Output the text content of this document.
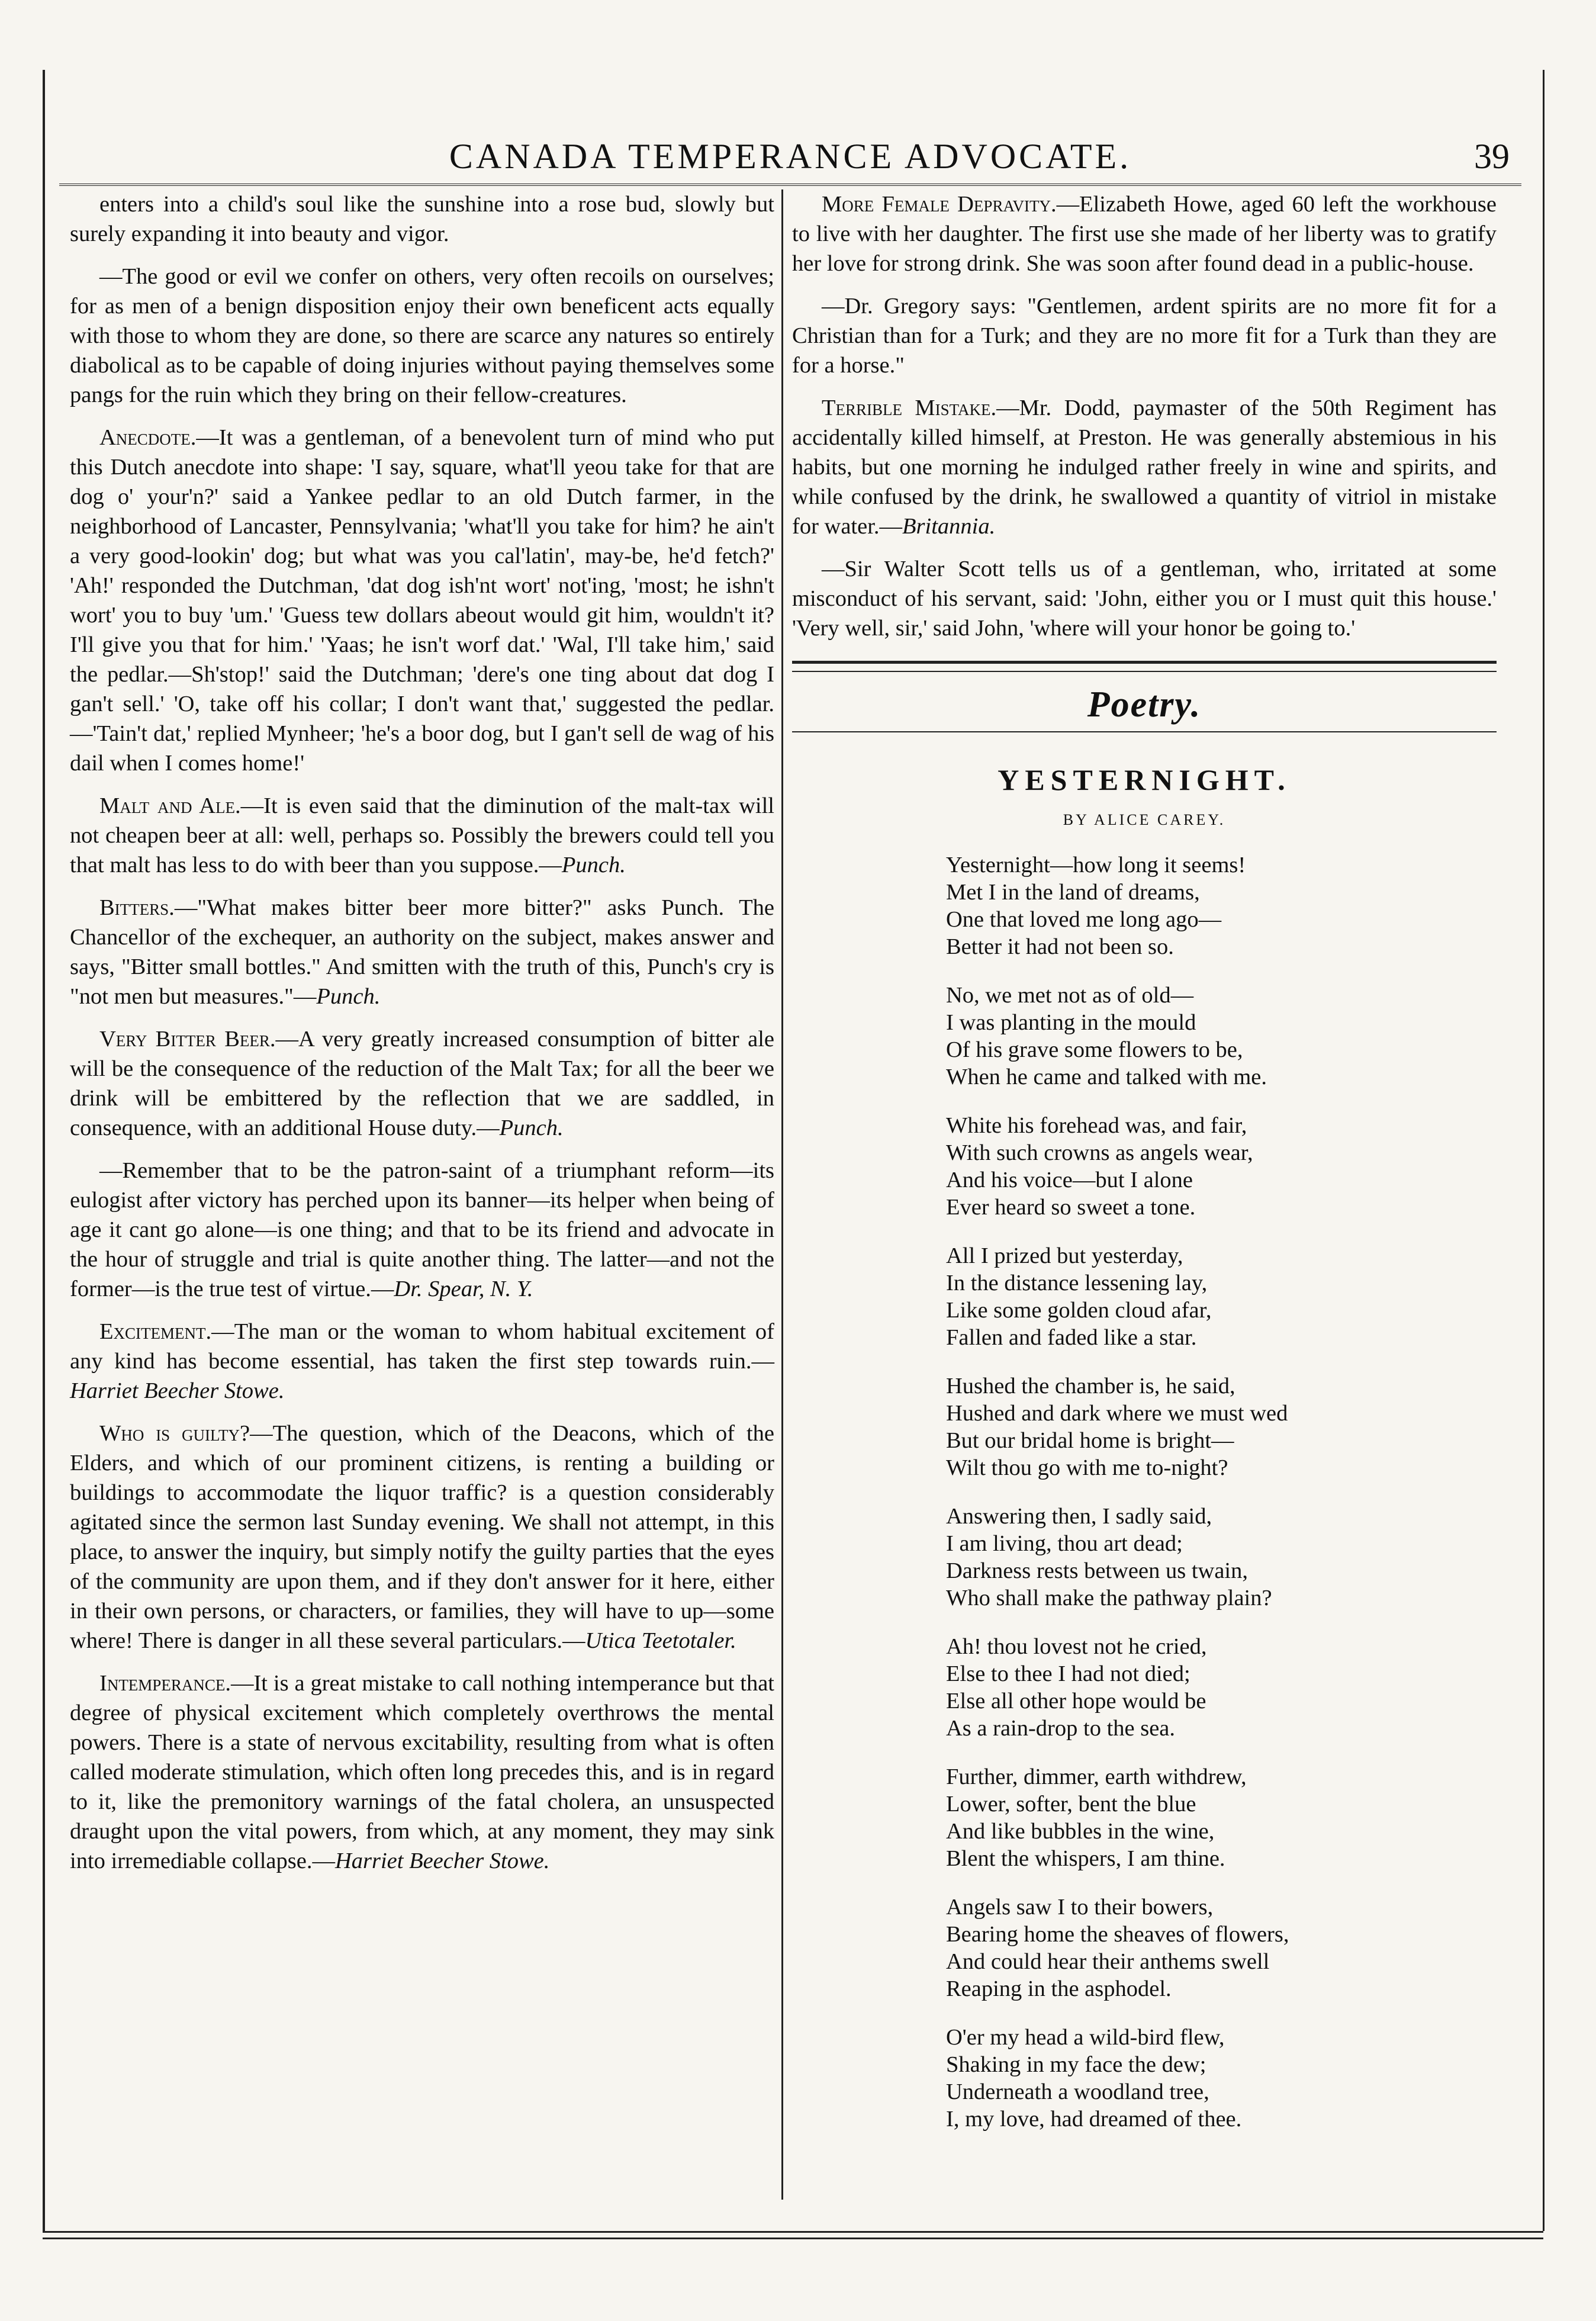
CANADA TEMPERANCE ADVOCATE.	39

enters into a child's soul like the sunshine into a rose bud, slowly but surely expanding it into beauty and vigor.

—The good or evil we confer on others, very often recoils on ourselves; for as men of a benign disposition enjoy their own beneficent acts equally with those to whom they are done, so there are scarce any natures so entirely diabolical as to be capable of doing injuries without paying themselves some pangs for the ruin which they bring on their fellow-creatures.

Anecdote.—It was a gentleman, of a benevolent turn of mind who put this Dutch anecdote into shape: 'I say, square, what'll yeou take for that are dog o' your'n?' said a Yankee pedlar to an old Dutch farmer, in the neighborhood of Lancaster, Pennsylvania; 'what'll you take for him? he ain't a very good-lookin' dog; but what was you cal'latin', may-be, he'd fetch?' 'Ah!' responded the Dutchman, 'dat dog ish'nt wort' not'ing, 'most; he ishn't wort' you to buy 'um.' 'Guess tew dollars abeout would git him, wouldn't it? I'll give you that for him.' 'Yaas; he isn't worf dat.' 'Wal, I'll take him,' said the pedlar.—Sh'stop!' said the Dutchman; 'dere's one ting about dat dog I gan't sell.' 'O, take off his collar; I don't want that,' suggested the pedlar.—'Tain't dat,' replied Mynheer; 'he's a boor dog, but I gan't sell de wag of his dail when I comes home!'

Malt and Ale.—It is even said that the diminution of the malt-tax will not cheapen beer at all: well, perhaps so. Possibly the brewers could tell you that malt has less to do with beer than you suppose.—Punch.

Bitters.—"What makes bitter beer more bitter?" asks Punch. The Chancellor of the exchequer, an authority on the subject, makes answer and says, "Bitter small bottles." And smitten with the truth of this, Punch's cry is "not men but measures."—Punch.

Very Bitter Beer.—A very greatly increased consumption of bitter ale will be the consequence of the reduction of the Malt Tax; for all the beer we drink will be embittered by the reflection that we are saddled, in consequence, with an additional House duty.—Punch.

—Remember that to be the patron-saint of a triumphant reform—its eulogist after victory has perched upon its banner—its helper when being of age it cant go alone—is one thing; and that to be its friend and advocate in the hour of struggle and trial is quite another thing. The latter—and not the former—is the true test of virtue.—Dr. Spear, N. Y.

Excitement.—The man or the woman to whom habitual excitement of any kind has become essential, has taken the first step towards ruin.—Harriet Beecher Stowe.

Who is guilty?—The question, which of the Deacons, which of the Elders, and which of our prominent citizens, is renting a building or buildings to accommodate the liquor traffic? is a question considerably agitated since the sermon last Sunday evening. We shall not attempt, in this place, to answer the inquiry, but simply notify the guilty parties that the eyes of the community are upon them, and if they don't answer for it here, either in their own persons, or characters, or families, they will have to up—some where! There is danger in all these several particulars.—Utica Teetotaler.

Intemperance.—It is a great mistake to call nothing intemperance but that degree of physical excitement which completely overthrows the mental powers. There is a state of nervous excitability, resulting from what is often called moderate stimulation, which often long precedes this, and is in regard to it, like the premonitory warnings of the fatal cholera, an unsuspected draught upon the vital powers, from which, at any moment, they may sink into irremediable collapse.—Harriet Beecher Stowe.

More Female Depravity.—Elizabeth Howe, aged 60 left the workhouse to live with her daughter. The first use she made of her liberty was to gratify her love for strong drink. She was soon after found dead in a public-house.

—Dr. Gregory says: "Gentlemen, ardent spirits are no more fit for a Christian than for a Turk; and they are no more fit for a Turk than they are for a horse."

Terrible Mistake.—Mr. Dodd, paymaster of the 50th Regiment has accidentally killed himself, at Preston. He was generally abstemious in his habits, but one morning he indulged rather freely in wine and spirits, and while confused by the drink, he swallowed a quantity of vitriol in mistake for water.—Britannia.

—Sir Walter Scott tells us of a gentleman, who, irritated at some misconduct of his servant, said: 'John, either you or I must quit this house.' 'Very well, sir,' said John, 'where will your honor be going to.'

Poetry.
YESTERNIGHT.
BY ALICE CAREY.
Yesternight—how long it seems!
Met I in the land of dreams,
One that loved me long ago—
Better it had not been so.
No, we met not as of old—
I was planting in the mould
Of his grave some flowers to be,
When he came and talked with me.
White his forehead was, and fair,
With such crowns as angels wear,
And his voice—but I alone
Ever heard so sweet a tone.
All I prized but yesterday,
In the distance lessening lay,
Like some golden cloud afar,
Fallen and faded like a star.
Hushed the chamber is, he said,
Hushed and dark where we must wed
But our bridal home is bright—
Wilt thou go with me to-night?
Answering then, I sadly said,
I am living, thou art dead;
Darkness rests between us twain,
Who shall make the pathway plain?
Ah! thou lovest not he cried,
Else to thee I had not died;
Else all other hope would be
As a rain-drop to the sea.
Further, dimmer, earth withdrew,
Lower, softer, bent the blue
And like bubbles in the wine,
Blent the whispers, I am thine.
Angels saw I to their bowers,
Bearing home the sheaves of flowers,
And could hear their anthems swell
Reaping in the asphodel.
O'er my head a wild-bird flew,
Shaking in my face the dew;
Underneath a woodland tree,
I, my love, had dreamed of thee.
